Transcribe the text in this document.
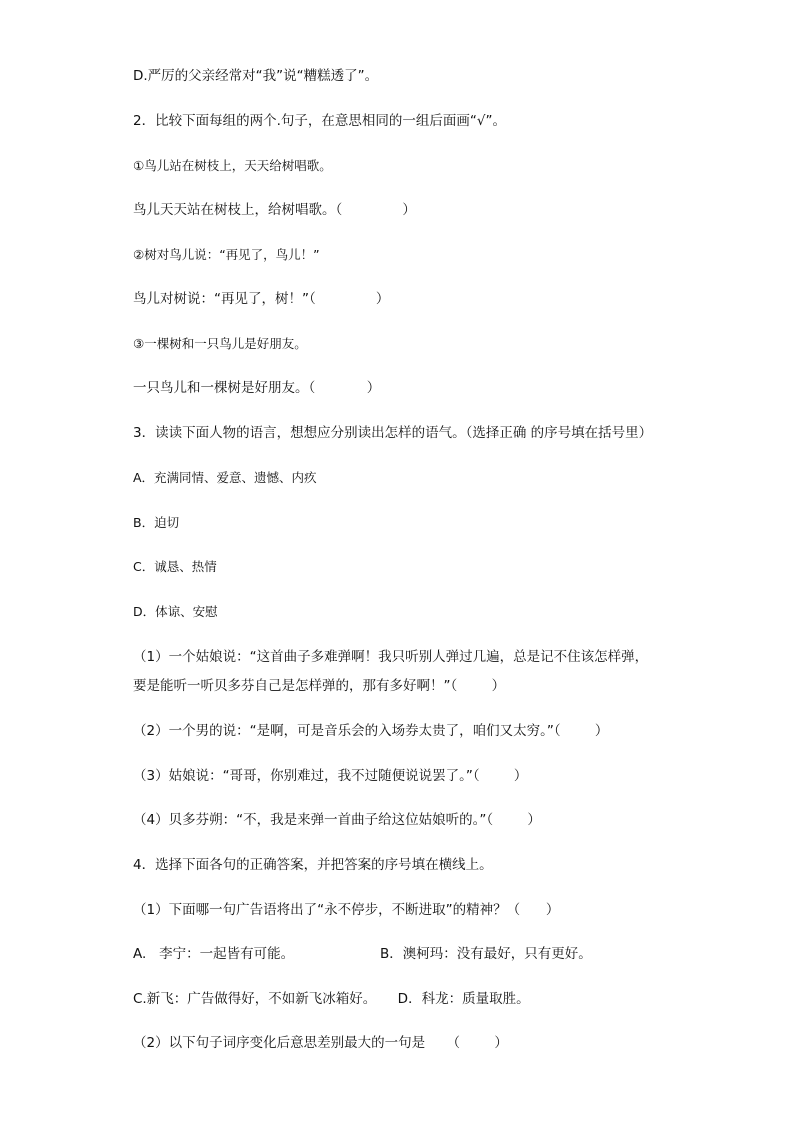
D.严厉的父亲经常对“我”说“糟糕透了”。
2．比较下面每组的两个.句子，在意思相同的一组后面画“√”。
①鸟儿站在树枝上，天天给树唱歌。
鸟儿天天站在树枝上，给树唱歌。（              ）
②树对鸟儿说：“再见了，鸟儿！”
鸟儿对树说：“再见了，树！”（              ）
③一棵树和一只鸟儿是好朋友。
一只鸟儿和一棵树是好朋友。（            ）
3．读读下面人物的语言，想想应分别读出怎样的语气。（选择正确 的序号填在括号里）
A．充满同情、爱意、遗憾、内疚
B．迫切
C．诚恳、热情
D．体谅、安慰
（1）一个姑娘说：“这首曲子多难弹啊！我只听别人弹过几遍，总是记不住该怎样弹，
要是能听一听贝多芬自己是怎样弹的，那有多好啊！”（        ）
（2）一个男的说：“是啊，可是音乐会的入场券太贵了，咱们又太穷。”（        ）
（3）姑娘说：“哥哥，你别难过，我不过随便说说罢了。”（        ）
（4）贝多芬朔：“不，我是来弹一首曲子给这位姑娘听的。”（        ）
4．选择下面各句的正确答案，并把答案的序号填在横线上。
（1）下面哪一句广告语将出了“永不停步，不断进取”的精神？（      ）
A.   李宁：一起皆有可能。                    B．澳柯玛：没有最好，只有更好。
C.新飞：广告做得好，不如新飞冰箱好。     D．科龙：质量取胜。
（2）以下句子词序变化后意思差别最大的一句是     （        ）
